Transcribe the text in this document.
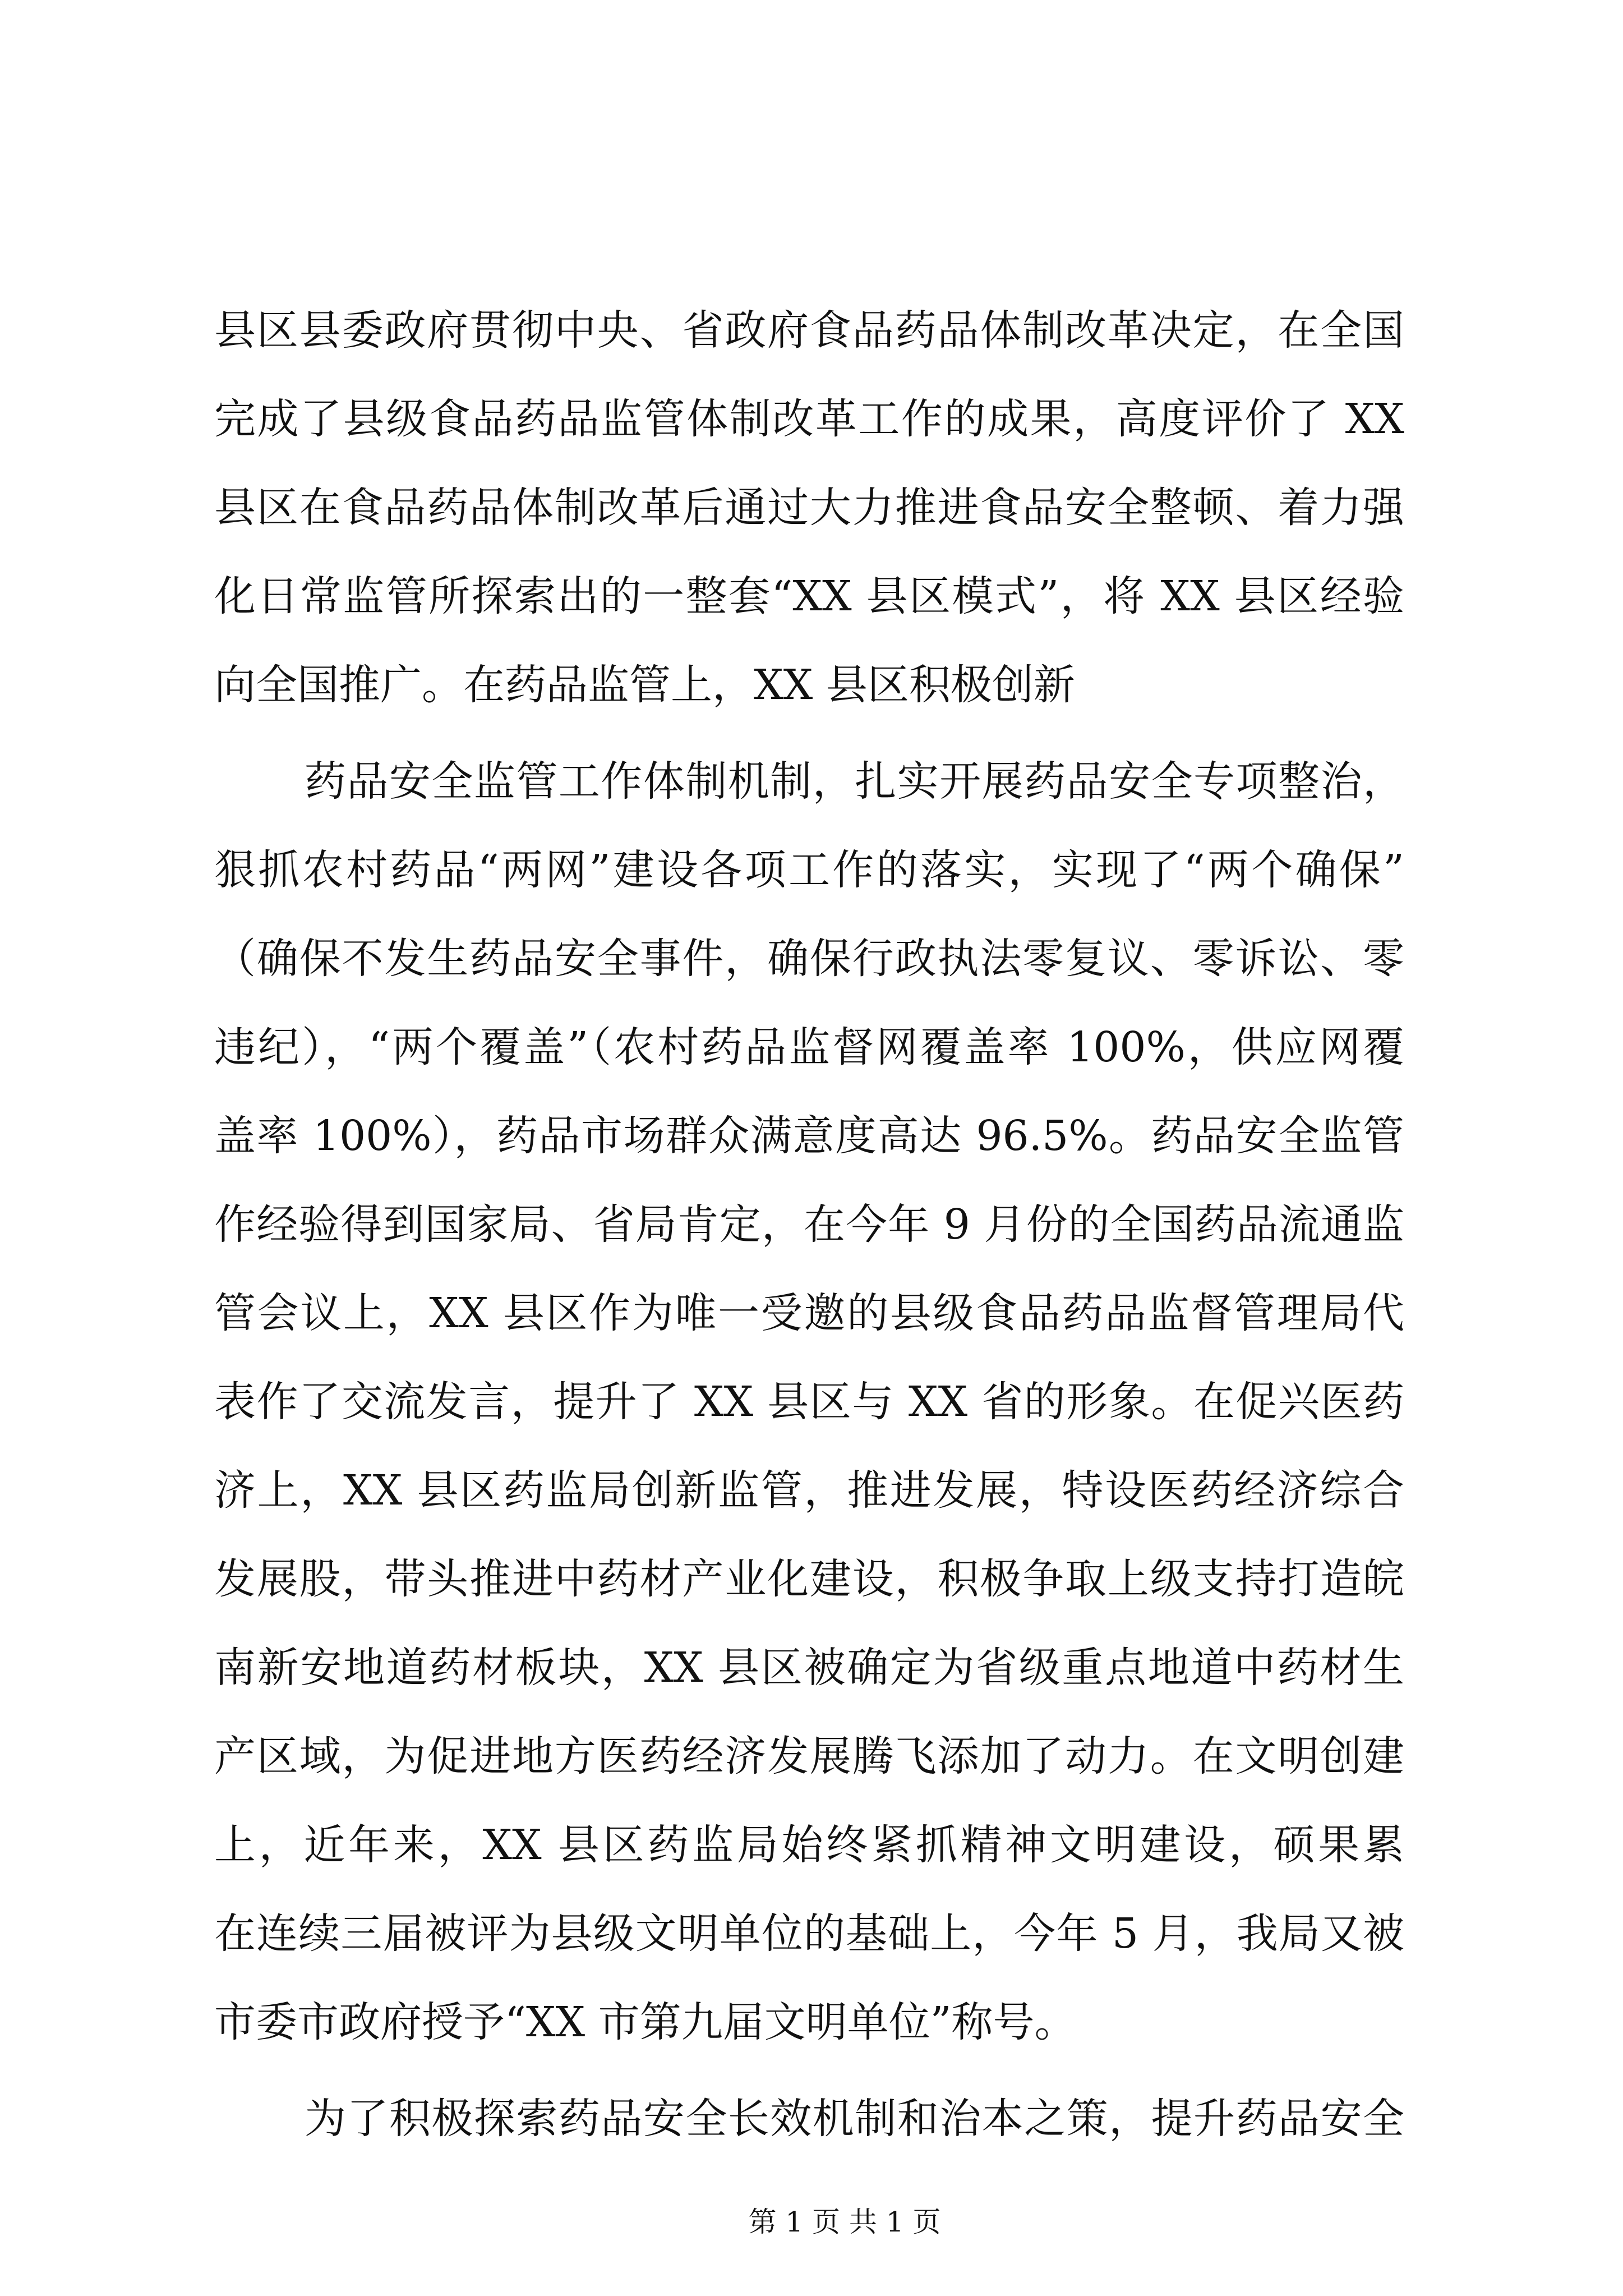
县区县委政府贯彻中央、省政府食品药品体制改革决定，在全国
完成了县级食品药品监管体制改革工作的成果，高度评价了 XX
县区在食品药品体制改革后通过大力推进食品安全整顿、着力强
化日常监管所探索出的一整套“XX 县区模式”，将 XX 县区经验
向全国推广。在药品监管上，XX 县区积极创新
药品安全监管工作体制机制，扎实开展药品安全专项整治，
狠抓农村药品“两网”建设各项工作的落实，实现了“两个确保”
（确保不发生药品安全事件，确保行政执法零复议、零诉讼、零
违纪），“两个覆盖”（农村药品监督网覆盖率 100%，供应网覆
盖率 100%），药品市场群众满意度高达 96.5%。药品安全监管
作经验得到国家局、省局肯定，在今年 9 月份的全国药品流通监
管会议上，XX 县区作为唯一受邀的县级食品药品监督管理局代
表作了交流发言，提升了 XX 县区与 XX 省的形象。在促兴医药
济上，XX 县区药监局创新监管，推进发展，特设医药经济综合
发展股，带头推进中药材产业化建设，积极争取上级支持打造皖
南新安地道药材板块，XX 县区被确定为省级重点地道中药材生
产区域，为促进地方医药经济发展腾飞添加了动力。在文明创建
上，近年来，XX 县区药监局始终紧抓精神文明建设，硕果累
在连续三届被评为县级文明单位的基础上，今年 5 月，我局又被
市委市政府授予“XX 市第九届文明单位”称号。
为了积极探索药品安全长效机制和治本之策，提升药品安全
第 1 页 共 1 页
